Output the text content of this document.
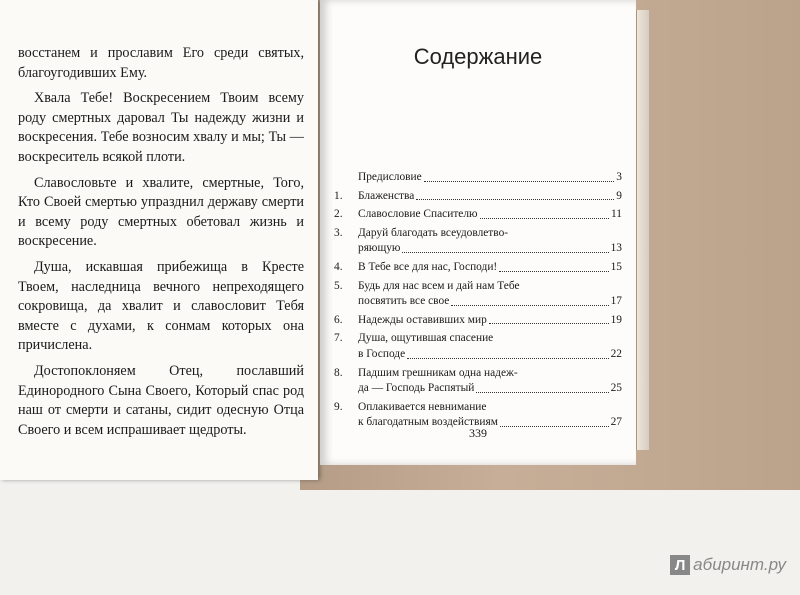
восстанем и прославим Его среди святых, благоугодивших Ему.

Хвала Тебе! Воскресением Твоим всему роду смертных даровал Ты надежду жизни и воскресения. Тебе возносим хвалу и мы; Ты — воскреситель всякой плоти.

Славословьте и хвалите, смертные, Того, Кто Своей смертью упразднил державу смерти и всему роду смертных обетовал жизнь и воскресение.

Душа, искавшая прибежища в Кресте Твоем, наследница вечного непреходящего сокровища, да хвалит и славословит Тебя вместе с духами, к сонмам которых она причислена.

Достопоклоняем Отец, пославший Единородного Сына Своего, Который спас род наш от смерти и сатаны, сидит одесную Отца Своего и всем испрашивает щедроты.

Содержание
Предисловие	3
1.	Блаженства	9
2.	Славословие Спасителю	11
3.	Даруй благодать всеудовлетво-
ряющую	13
4.	В Тебе все для нас, Господи!	15
5.	Будь для нас всем и дай нам Тебе
посвятить все свое	17
6.	Надежды оставивших мир	19
7.	Душа, ощутившая спасение
в Господе	22
8.	Падшим грешникам одна надеж-
да — Господь Распятый	25
9.	Оплакивается невнимание
к благодатным воздействиям	27
339
Л абиринт.ру
